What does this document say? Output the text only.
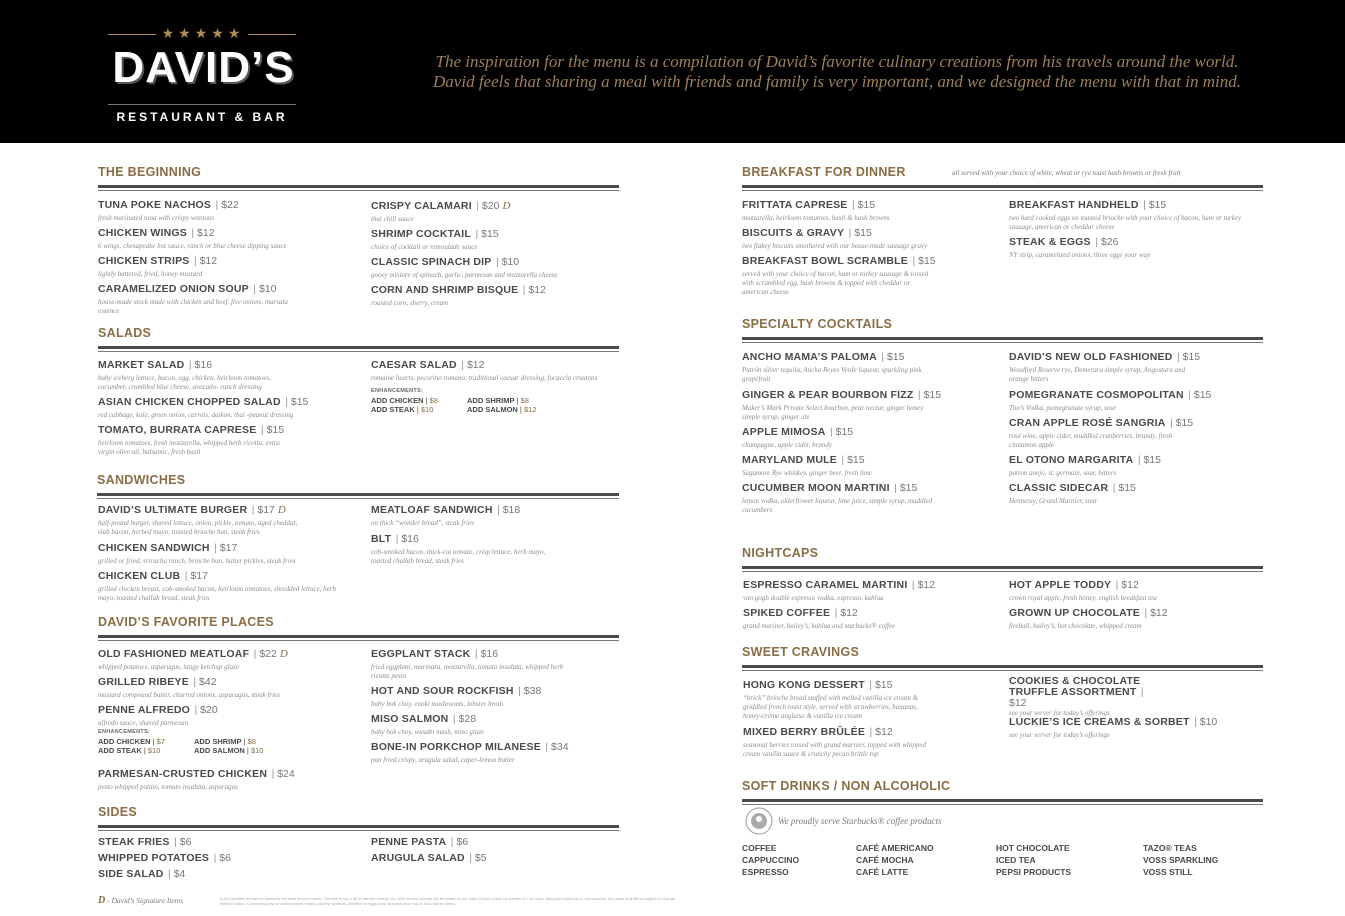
★★★★★
DAVID’S
RESTAURANT & BAR
The inspiration for the menu is a compilation of David’s favorite culinary creations from his travels around the world.
David feels that sharing a meal with friends and family is very important, and we designed the menu with that in mind.
THE BEGINNING
SALADS
SANDWICHES
DAVID’S FAVORITE PLACES
SIDES
BREAKFAST FOR DINNER	all served with your choice of white, wheat or rye toast hash browns or fresh fruit
SPECIALTY COCKTAILS
NIGHTCAPS
SWEET CRAVINGS
SOFT DRINKS / NON ALCOHOLIC
TUNA POKE NACHOS | $22
fresh marinated tuna with crispy wontons
CHICKEN WINGS | $12
6 wings, chesapeake hot sauce, ranch or blue cheese dipping sauce
CHICKEN STRIPS | $12
lightly battered, fried, honey mustard
CARAMELIZED ONION SOUP | $10
house-made stock made with chicken and beef, five onions, marsala essence
CRISPY CALAMARI | $20 D
thai chili sauce
SHRIMP COCKTAIL | $15
choice of cocktail or remoulade sauce
CLASSIC SPINACH DIP | $10
gooey mixture of spinach, garlic, parmesan and mozzarella cheese
CORN AND SHRIMP BISQUE | $12
roasted corn, sherry, cream
MARKET SALAD | $16
baby iceberg lettuce, bacon, egg, chicken, heirloom tomatoes, cucumber, crumbled blue cheese, avocado- ranch dressing
ASIAN CHICKEN CHOPPED SALAD | $15
red cabbage, kale, green onion, carrots, daikon, thai -peanut dressing
TOMATO, BURRATA CAPRESE | $15
heirloom tomatoes, fresh mozzarella, whipped herb ricotta, extra virgin olive oil, balsamic, fresh basil
CAESAR SALAD | $12
romaine hearts, pecorino romano, traditional caesar dressing, focaccia croutons
DAVID’S ULTIMATE BURGER | $17 D
half-pound burger, shaved lettuce, onion, pickle, tomato, aged cheddar, slab bacon, herbed mayo, toasted brioche bun, steak fries
CHICKEN SANDWICH | $17
grilled or fried, sriracha ranch, brioche bun, butter pickles, steak fries
CHICKEN CLUB | $17
grilled chicken breast, cob-smoked bacon, heirloom tomatoes, shredded lettuce, herb mayo, toasted challah bread, steak fries
MEATLOAF SANDWICH | $18
on thick “wonder bread”, steak fries
BLT | $16
cob-smoked bacon, thick-cut tomato, crisp lettuce, herb mayo, toasted challah bread, steak fries
OLD FASHIONED MEATLOAF | $22 D
whipped potatoes, asparagus, tangy ketchup glaze
GRILLED RIBEYE | $42
mustard compound butter, charred onions, asparagus, steak fries
PENNE ALFREDO | $20
alfredo sauce, shaved parmesan
PARMESAN-CRUSTED CHICKEN | $24
pesto whipped potato, tomato insalata, asparagus
EGGPLANT STACK | $16
fried eggplant, marinara, mozzarella, tomato insalata, whipped herb ricotta pesto
HOT AND SOUR ROCKFISH | $38
baby bok choy, enoki mushrooms, lobster broth
MISO SALMON | $28
baby bok choy, wasabi mash, miso glaze
BONE-IN PORKCHOP MILANESE | $34
pan fried crispy, arugula salad, caper-lemon butter
STEAK FRIES | $6
WHIPPED POTATOES | $6
SIDE SALAD | $4
PENNE PASTA | $6
ARUGULA SALAD | $5
FRITTATA CAPRESE | $15
mozzarella, heirloom tomatoes, basil & hash browns
BISCUITS & GRAVY | $15
two flakey biscuits smothered with our house-made sausage gravy
BREAKFAST BOWL SCRAMBLE | $15
served with your choice of bacon, ham or turkey sausage & tossed with scrambled egg, hash browns & topped with cheddar or american cheese
BREAKFAST HANDHELD | $15
two hard cooked eggs on toasted brioche with your choice of bacon, ham or turkey sausage, american or cheddar cheese
STEAK & EGGS | $26
NY strip, caramelized onions, three eggs your way
ANCHO MAMA’S PALOMA | $15
Patrón silver tequila, Ancho Reyes Verde liqueur, sparkling pink grapefruit
GINGER & PEAR BOURBON FIZZ | $15
Maker’s Mark Private Select bourbon, pear nectar, ginger honey simple syrup, ginger ale
APPLE MIMOSA | $15
champagne, apple cider, brandy
MARYLAND MULE | $15
Sagamore Rye whiskey, ginger beer, fresh lime
CUCUMBER MOON MARTINI | $15
lemon vodka, elderflower liqueur, lime juice, simple syrup, muddled cucumbers
DAVID’S NEW OLD FASHIONED | $15
Woodford Reserve rye, Demerara simple syrup, Angostura and orange bitters
POMEGRANATE COSMOPOLITAN | $15
Tito’s Vodka, pomegranate syrup, sour
CRAN APPLE ROSÉ SANGRIA | $15
rosé wine, apple cider, muddled cranberries, brandy, fresh cinnamon apple
EL OTONO MARGARITA | $15
patron anejo, st. germain, sour, bitters
CLASSIC SIDECAR | $15
Hennessy, Grand Marnier, sour
ESPRESSO CARAMEL MARTINI | $12
van gogh double espresso vodka, espresso, kahlua
SPIKED COFFEE | $12
grand mariner, bailey’s, kahlua and starbucks® coffee
HOT APPLE TODDY | $12
crown royal apple, fresh honey, english breakfast tea
GROWN UP CHOCOLATE | $12
fireball, bailey’s, hot chocolate, whipped cream
HONG KONG DESSERT | $15
“brick” brioche bread stuffed with melted vanilla ice cream & griddled french toast style. served with strawberries, bananas, honey-crème anglaise & vanilla ice cream
MIXED BERRY BRÛLÉE | $12
seasonal berries tossed with grand marnier, topped with whipped cream vanilla sauce & crunchy pecan brittle top
COOKIES & CHOCOLATE TRUFFLE ASSORTMENT | $12
see your server for today’s offerings
LUCKIE’S ICE CREAMS & SORBET | $10
see your server for today’s offerings
ENHANCEMENTS:
ADD CHICKEN | $8
ADD STEAK | $10
ADD SHRIMP | $8
ADD SALMON | $12
ENHANCEMENTS:
ADD CHICKEN | $7
ADD STEAK | $10
ADD SHRIMP | $8
ADD SALMON | $10
We proudly serve Starbucks® coffee products
COFFEE
CAPPUCCINO
ESPRESSO
CAFÉ AMERICANO
CAFÉ MOCHA
CAFÉ LATTE
HOT CHOCOLATE
ICED TEA
PEPSI PRODUCTS
TAZO® TEAS
VOSS SPARKLING
VOSS STILL
D - David’s Signature Items	A 3% facilities fee will be added to the total of each check. This fee is not a tip or service charge. An 18% service charge will be added to the total of each check for parties of 7 or more. Maryland sales tax is not included. All prices and items subject to change without notice. Consuming raw or undercooked meats, poultry, seafood, shellfish or eggs may increase your risk of food-borne illness.
